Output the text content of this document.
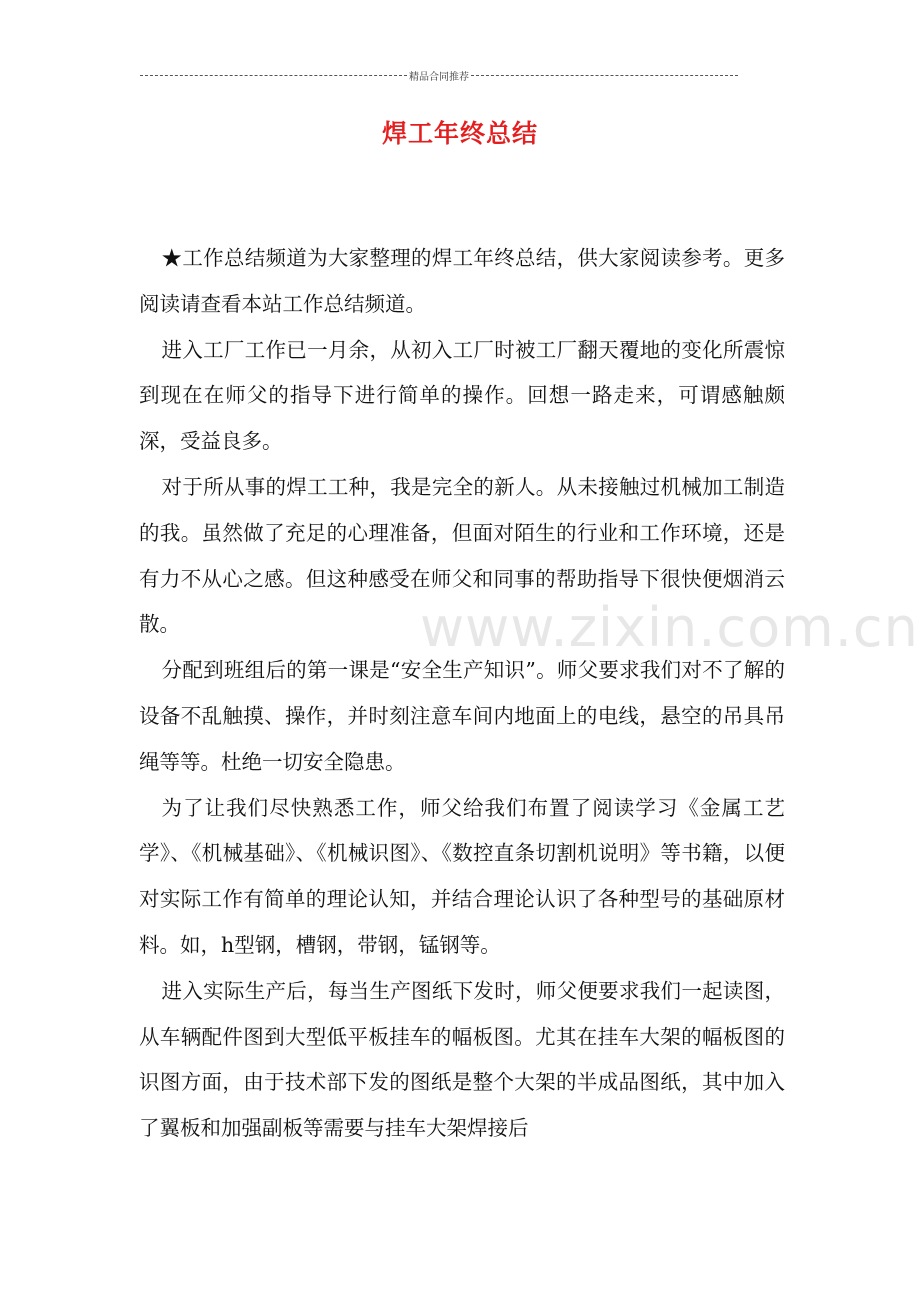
精品合同推荐
焊工年终总结

★工作总结频道为大家整理的焊工年终总结，供大家阅读参考。更多阅读请查看本站工作总结频道。

进入工厂工作已一月余，从初入工厂时被工厂翻天覆地的变化所震惊到现在在师父的指导下进行简单的操作。回想一路走来，可谓感触颇深，受益良多。

对于所从事的焊工工种，我是完全的新人。从未接触过机械加工制造的我。虽然做了充足的心理准备，但面对陌生的行业和工作环境，还是有力不从心之感。但这种感受在师父和同事的帮助指导下很快便烟消云散。

分配到班组后的第一课是“安全生产知识”。师父要求我们对不了解的设备不乱触摸、操作，并时刻注意车间内地面上的电线，悬空的吊具吊绳等等。杜绝一切安全隐患。

为了让我们尽快熟悉工作，师父给我们布置了阅读学习《金属工艺学》、《机械基础》、《机械识图》、《数控直条切割机说明》等书籍，以便对实际工作有简单的理论认知，并结合理论认识了各种型号的基础原材料。如，h型钢，槽钢，带钢，锰钢等。

进入实际生产后，每当生产图纸下发时，师父便要求我们一起读图，从车辆配件图到大型低平板挂车的幅板图。尤其在挂车大架的幅板图的识图方面，由于技术部下发的图纸是整个大架的半成品图纸，其中加入了翼板和加强副板等需要与挂车大架焊接后

www.zixin.com.cn
